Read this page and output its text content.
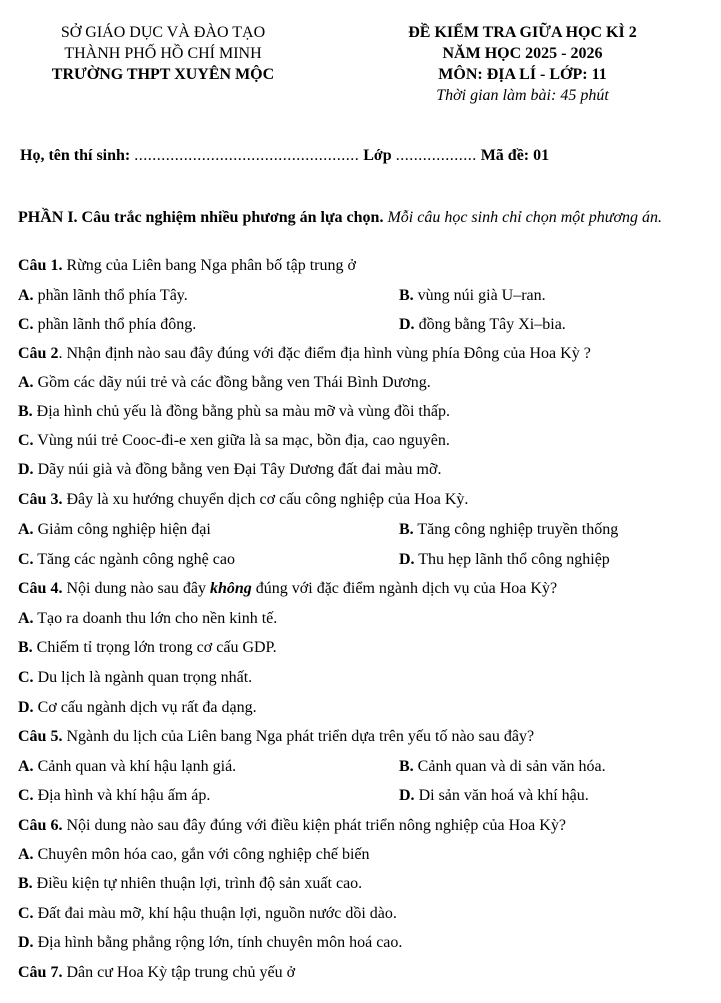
SỞ GIÁO DỤC VÀ ĐÀO TẠO
THÀNH PHỐ HỒ CHÍ MINH
TRƯỜNG THPT XUYÊN MỘC
ĐỀ KIỂM TRA GIỮA HỌC KÌ 2
NĂM HỌC 2025 - 2026
MÔN: ĐỊA LÍ - LỚP: 11
Thời gian làm bài: 45 phút
Họ, tên thí sinh: .................................................. Lớp .................. Mã đề: 01
PHẦN I. Câu trắc nghiệm nhiều phương án lựa chọn. Mỗi câu học sinh chỉ chọn một phương án.
Câu 1. Rừng của Liên bang Nga phân bố tập trung ở
A. phần lãnh thổ phía Tây.	B. vùng núi già U–ran.
C. phần lãnh thổ phía đông.	D. đồng bằng Tây Xi–bia.
Câu 2. Nhận định nào sau đây đúng với đặc điểm địa hình vùng phía Đông của Hoa Kỳ ?
A. Gồm các dãy núi trẻ và các đồng bằng ven Thái Bình Dương.
B. Địa hình chủ yếu là đồng bằng phù sa màu mỡ và vùng đồi thấp.
C. Vùng núi trẻ Cooc-đi-e xen giữa là sa mạc, bồn địa, cao nguyên.
D. Dãy núi già và đồng bằng ven Đại Tây Dương đất đai màu mỡ.
Câu 3. Đây là xu hướng chuyển dịch cơ cấu công nghiệp của Hoa Kỳ.
A. Giảm công nghiệp hiện đại	B. Tăng công nghiệp truyền thống
C. Tăng các ngành công nghệ cao	D. Thu hẹp lãnh thổ công nghiệp
Câu 4. Nội dung nào sau đây không đúng với đặc điểm ngành dịch vụ của Hoa Kỳ?
A. Tạo ra doanh thu lớn cho nền kinh tế.
B. Chiếm tỉ trọng lớn trong cơ cấu GDP.
C. Du lịch là ngành quan trọng nhất.
D. Cơ cấu ngành dịch vụ rất đa dạng.
Câu 5. Ngành du lịch của Liên bang Nga phát triển dựa trên yếu tố nào sau đây?
A. Cảnh quan và khí hậu lạnh giá.	B. Cảnh quan và di sản văn hóa.
C. Địa hình và khí hậu ấm áp.	D. Di sản văn hoá và khí hậu.
Câu 6. Nội dung nào sau đây đúng với điều kiện phát triển nông nghiệp của Hoa Kỳ?
A. Chuyên môn hóa cao, gắn với công nghiệp chế biến
B. Điều kiện tự nhiên thuận lợi, trình độ sản xuất cao.
C. Đất đai màu mỡ, khí hậu thuận lợi, nguồn nước dồi dào.
D. Địa hình bằng phẳng rộng lớn, tính chuyên môn hoá cao.
Câu 7. Dân cư Hoa Kỳ tập trung chủ yếu ở
